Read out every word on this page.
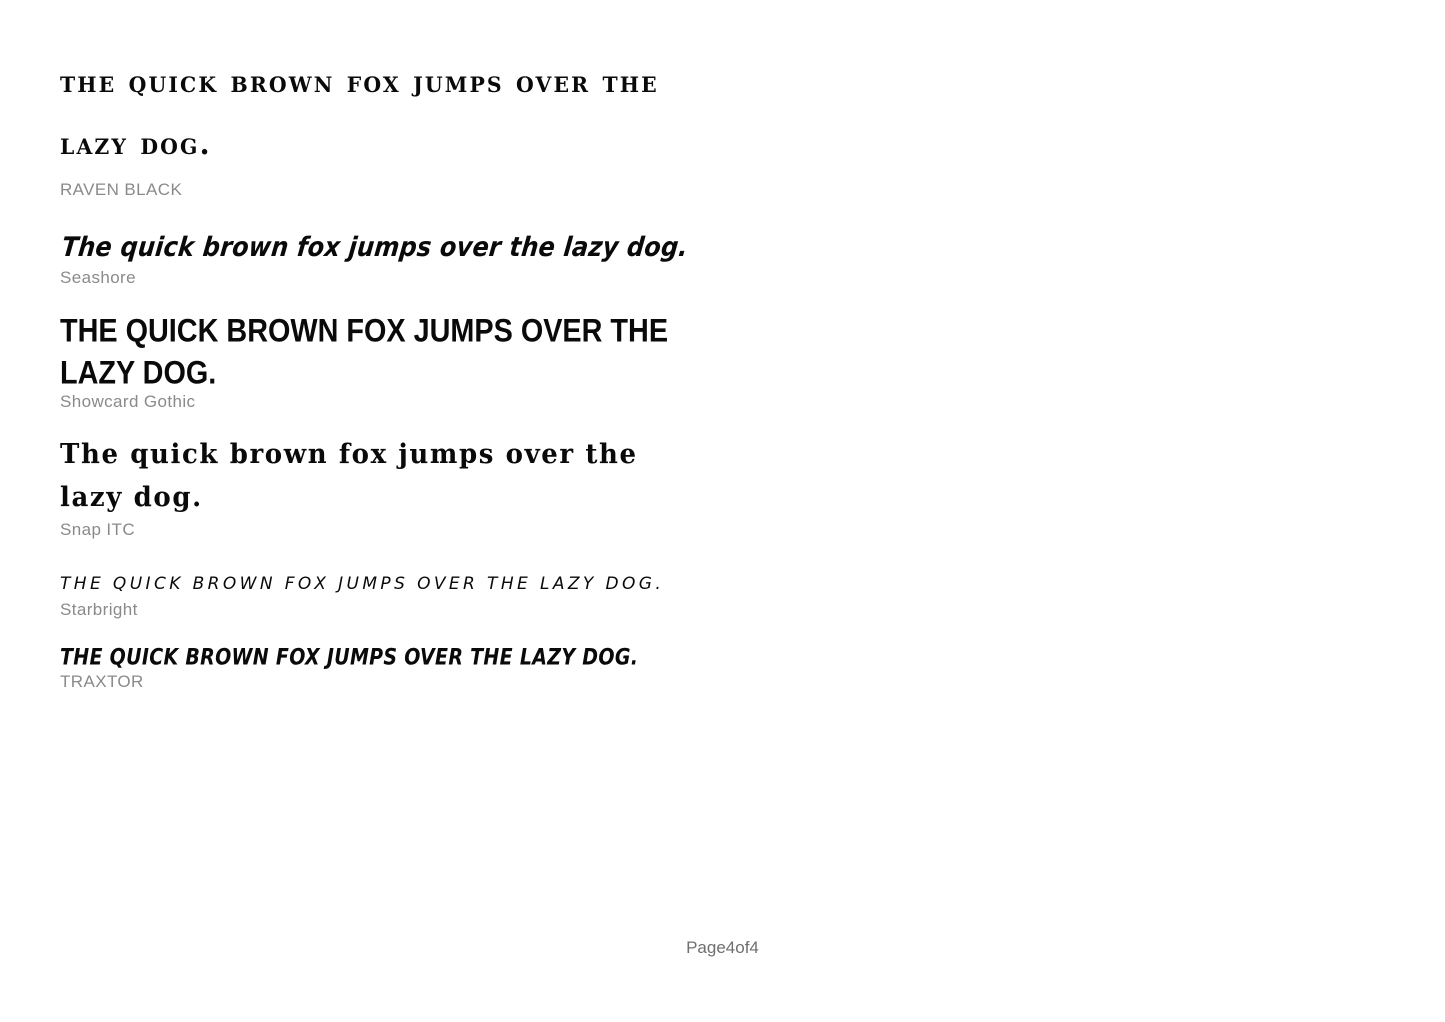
the quick brown fox jumps over the lazy dog.
RAVEN BLACK
The quick brown fox jumps over the lazy dog.
Seashore
THE QUICK BROWN FOX JUMPS OVER THE LAZY DOG.
Showcard Gothic
The quick brown fox jumps over the lazy dog.
Snap ITC
THE QUICK BROWN FOX JUMPS OVER THE LAZY DOG.
Starbright
THE QUICK BROWN FOX JUMPS OVER THE LAZY DOG.
TRAXTOR
Page4of4
